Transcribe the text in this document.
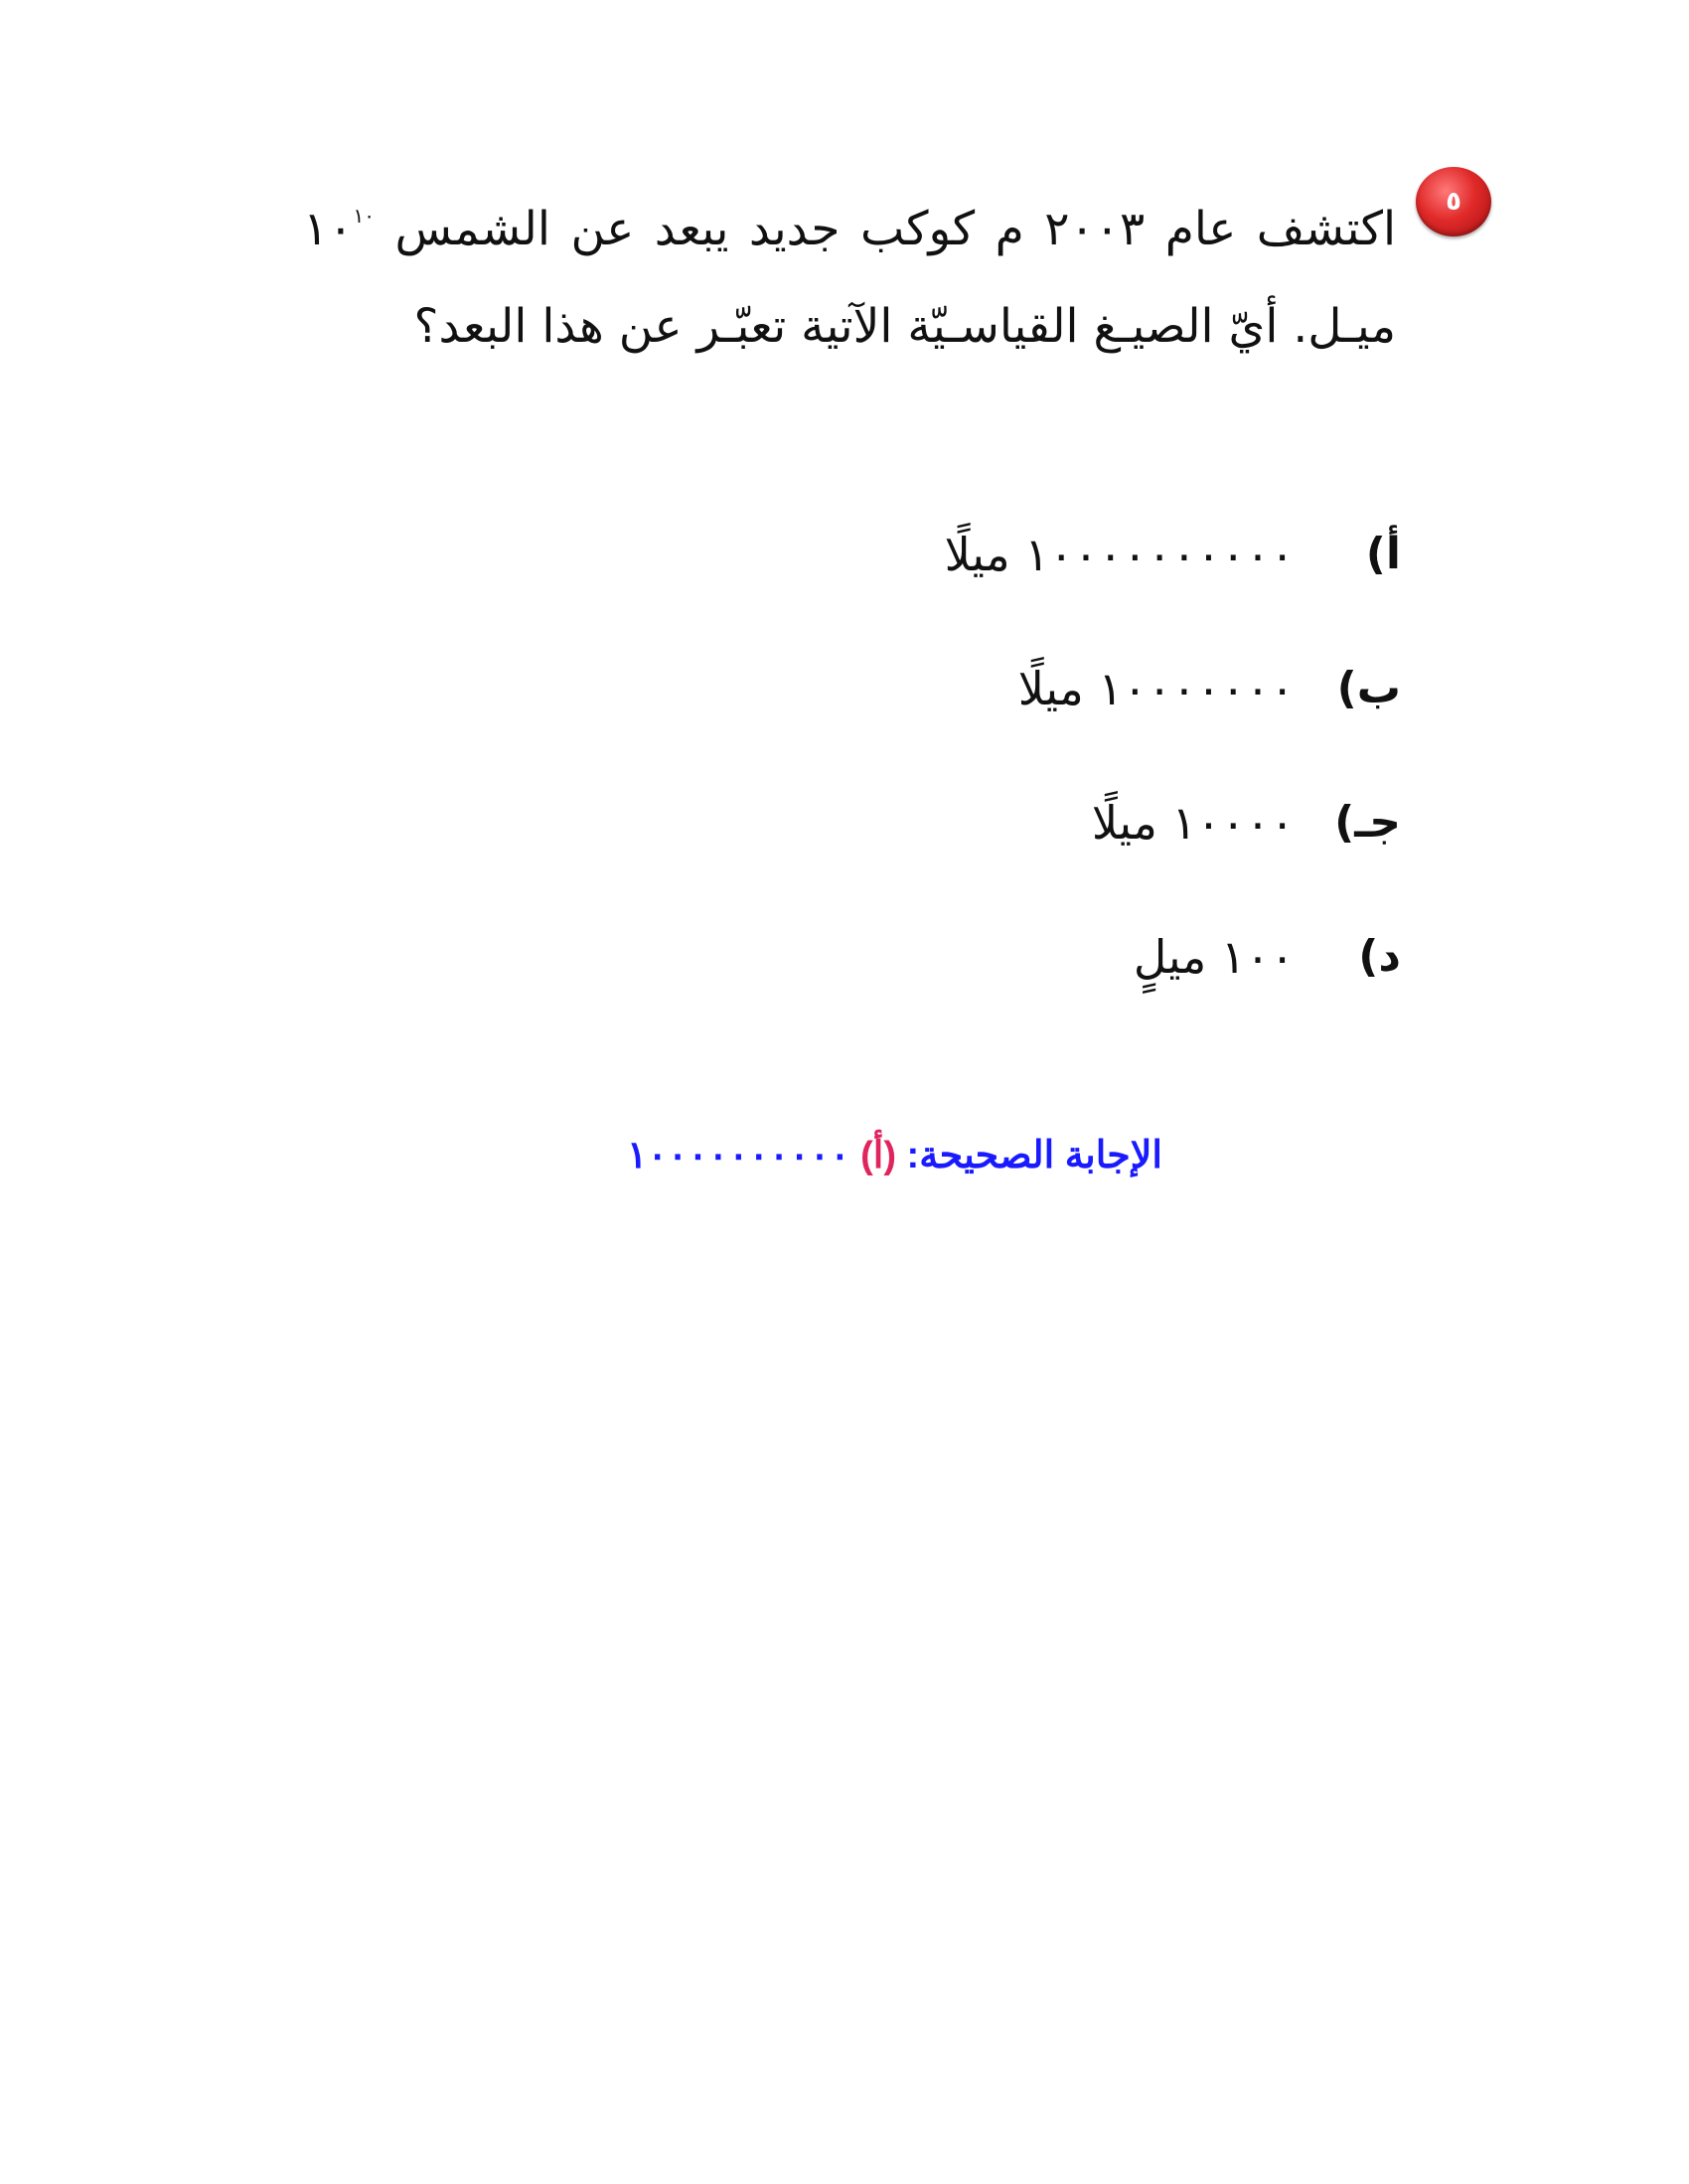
٥

اكتشف عام ٢٠٠٣ م كوكب جديد يبعد عن الشمس $١٠^{١٠}$ ميـل. أيّ الصيـغ القياسـيّة الآتية تعبّـر عن هذا البعد؟

أ)
١٠٠٠٠٠٠٠٠٠٠ ميلًا
ب)
١٠٠٠٠٠٠٠ ميلًا
جـ)
١٠٠٠٠ ميلًا
د)
١٠٠ ميلٍ

الإجابة الصحيحة: (أ) ١٠٠٠٠٠٠٠٠٠٠
